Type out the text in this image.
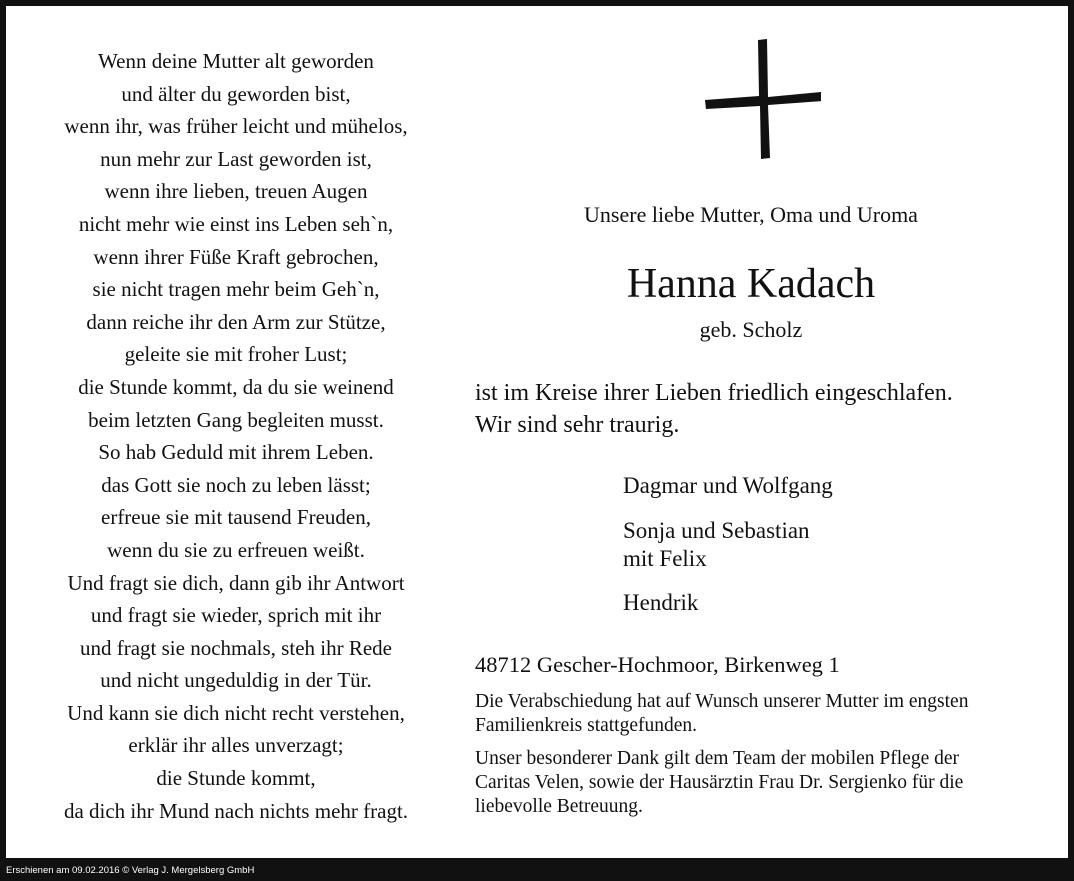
Wenn deine Mutter alt geworden
und älter du geworden bist,
wenn ihr, was früher leicht und mühelos,
nun mehr zur Last geworden ist,
wenn ihre lieben, treuen Augen
nicht mehr wie einst ins Leben seh`n,
wenn ihrer Füße Kraft gebrochen,
sie nicht tragen mehr beim Geh`n,
dann reiche ihr den Arm zur Stütze,
geleite sie mit froher Lust;
die Stunde kommt, da du sie weinend
beim letzten Gang begleiten musst.
So hab Geduld mit ihrem Leben.
das Gott sie noch zu leben lässt;
erfreue sie mit tausend Freuden,
wenn du sie zu erfreuen weißt.
Und fragt sie dich, dann gib ihr Antwort
und fragt sie wieder, sprich mit ihr
und fragt sie nochmals, steh ihr Rede
und nicht ungeduldig in der Tür.
Und kann sie dich nicht recht verstehen,
erklär ihr alles unverzagt;
die Stunde kommt,
da dich ihr Mund nach nichts mehr fragt.
Unsere liebe Mutter, Oma und Uroma
Hanna Kadach
geb. Scholz
ist im Kreise ihrer Lieben friedlich eingeschlafen.
Wir sind sehr traurig.
Dagmar und Wolfgang
Sonja und Sebastian
mit Felix
Hendrik
48712 Gescher-Hochmoor, Birkenweg 1
Die Verabschiedung hat auf Wunsch unserer Mutter im engsten
Familienkreis stattgefunden.
Unser besonderer Dank gilt dem Team der mobilen Pflege der
Caritas Velen, sowie der Hausärztin Frau Dr. Sergienko für die
liebevolle Betreuung.
Erschienen am 09.02.2016 © Verlag J. Mergelsberg GmbH
